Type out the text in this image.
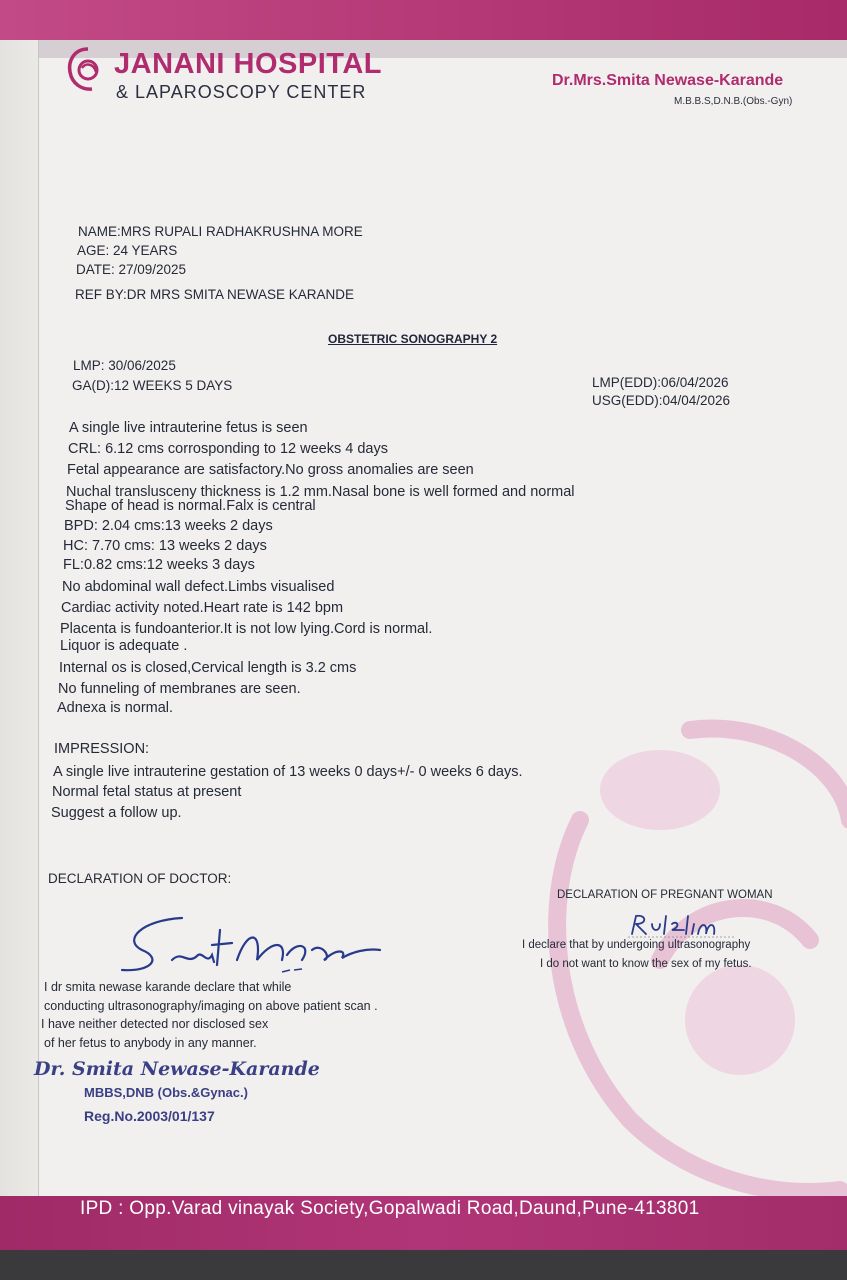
JANANI HOSPITAL
& LAPAROSCOPY CENTER
Dr.Mrs.Smita Newase-Karande
M.B.B.S,D.N.B.(Obs.-Gyn)
NAME:MRS RUPALI RADHAKRUSHNA MORE
AGE: 24 YEARS
DATE: 27/09/2025
REF BY:DR MRS SMITA NEWASE KARANDE
OBSTETRIC SONOGRAPHY 2
LMP: 30/06/2025
GA(D):12 WEEKS 5 DAYS	LMP(EDD):06/04/2026
USG(EDD):04/04/2026
A single live intrauterine fetus is seen
CRL: 6.12 cms corrosponding to 12 weeks 4 days
Fetal appearance are satisfactory.No gross anomalies are seen
Nuchal translusceny thickness is 1.2 mm.Nasal bone is well formed and normal
Shape of head is normal.Falx is central
BPD: 2.04 cms:13 weeks 2 days
HC: 7.70 cms: 13 weeks 2 days
FL:0.82 cms:12 weeks 3 days
No abdominal wall defect.Limbs visualised
Cardiac activity noted.Heart rate is 142 bpm
Placenta is fundoanterior.It is not low lying.Cord is normal.
Liquor is adequate .
Internal os is closed,Cervical length is 3.2 cms
No funneling of membranes are seen.
Adnexa is normal.
IMPRESSION:
A single live intrauterine gestation of 13 weeks 0 days+/- 0 weeks 6 days.
Normal fetal status at present
Suggest a follow up.
DECLARATION OF DOCTOR:
I dr smita newase karande declare that while
conducting ultrasonography/imaging on above patient scan .
I have neither detected nor disclosed sex
of her fetus to anybody in any manner.
DECLARATION OF PREGNANT WOMAN
I declare that by undergoing ultrasonography
I do not want to know the sex of my fetus.
Dr. Smita Newase-Karande
MBBS,DNB (Obs.&Gynac.)
Reg.No.2003/01/137
IPD : Opp.Varad vinayak Society,Gopalwadi Road,Daund,Pune-413801
